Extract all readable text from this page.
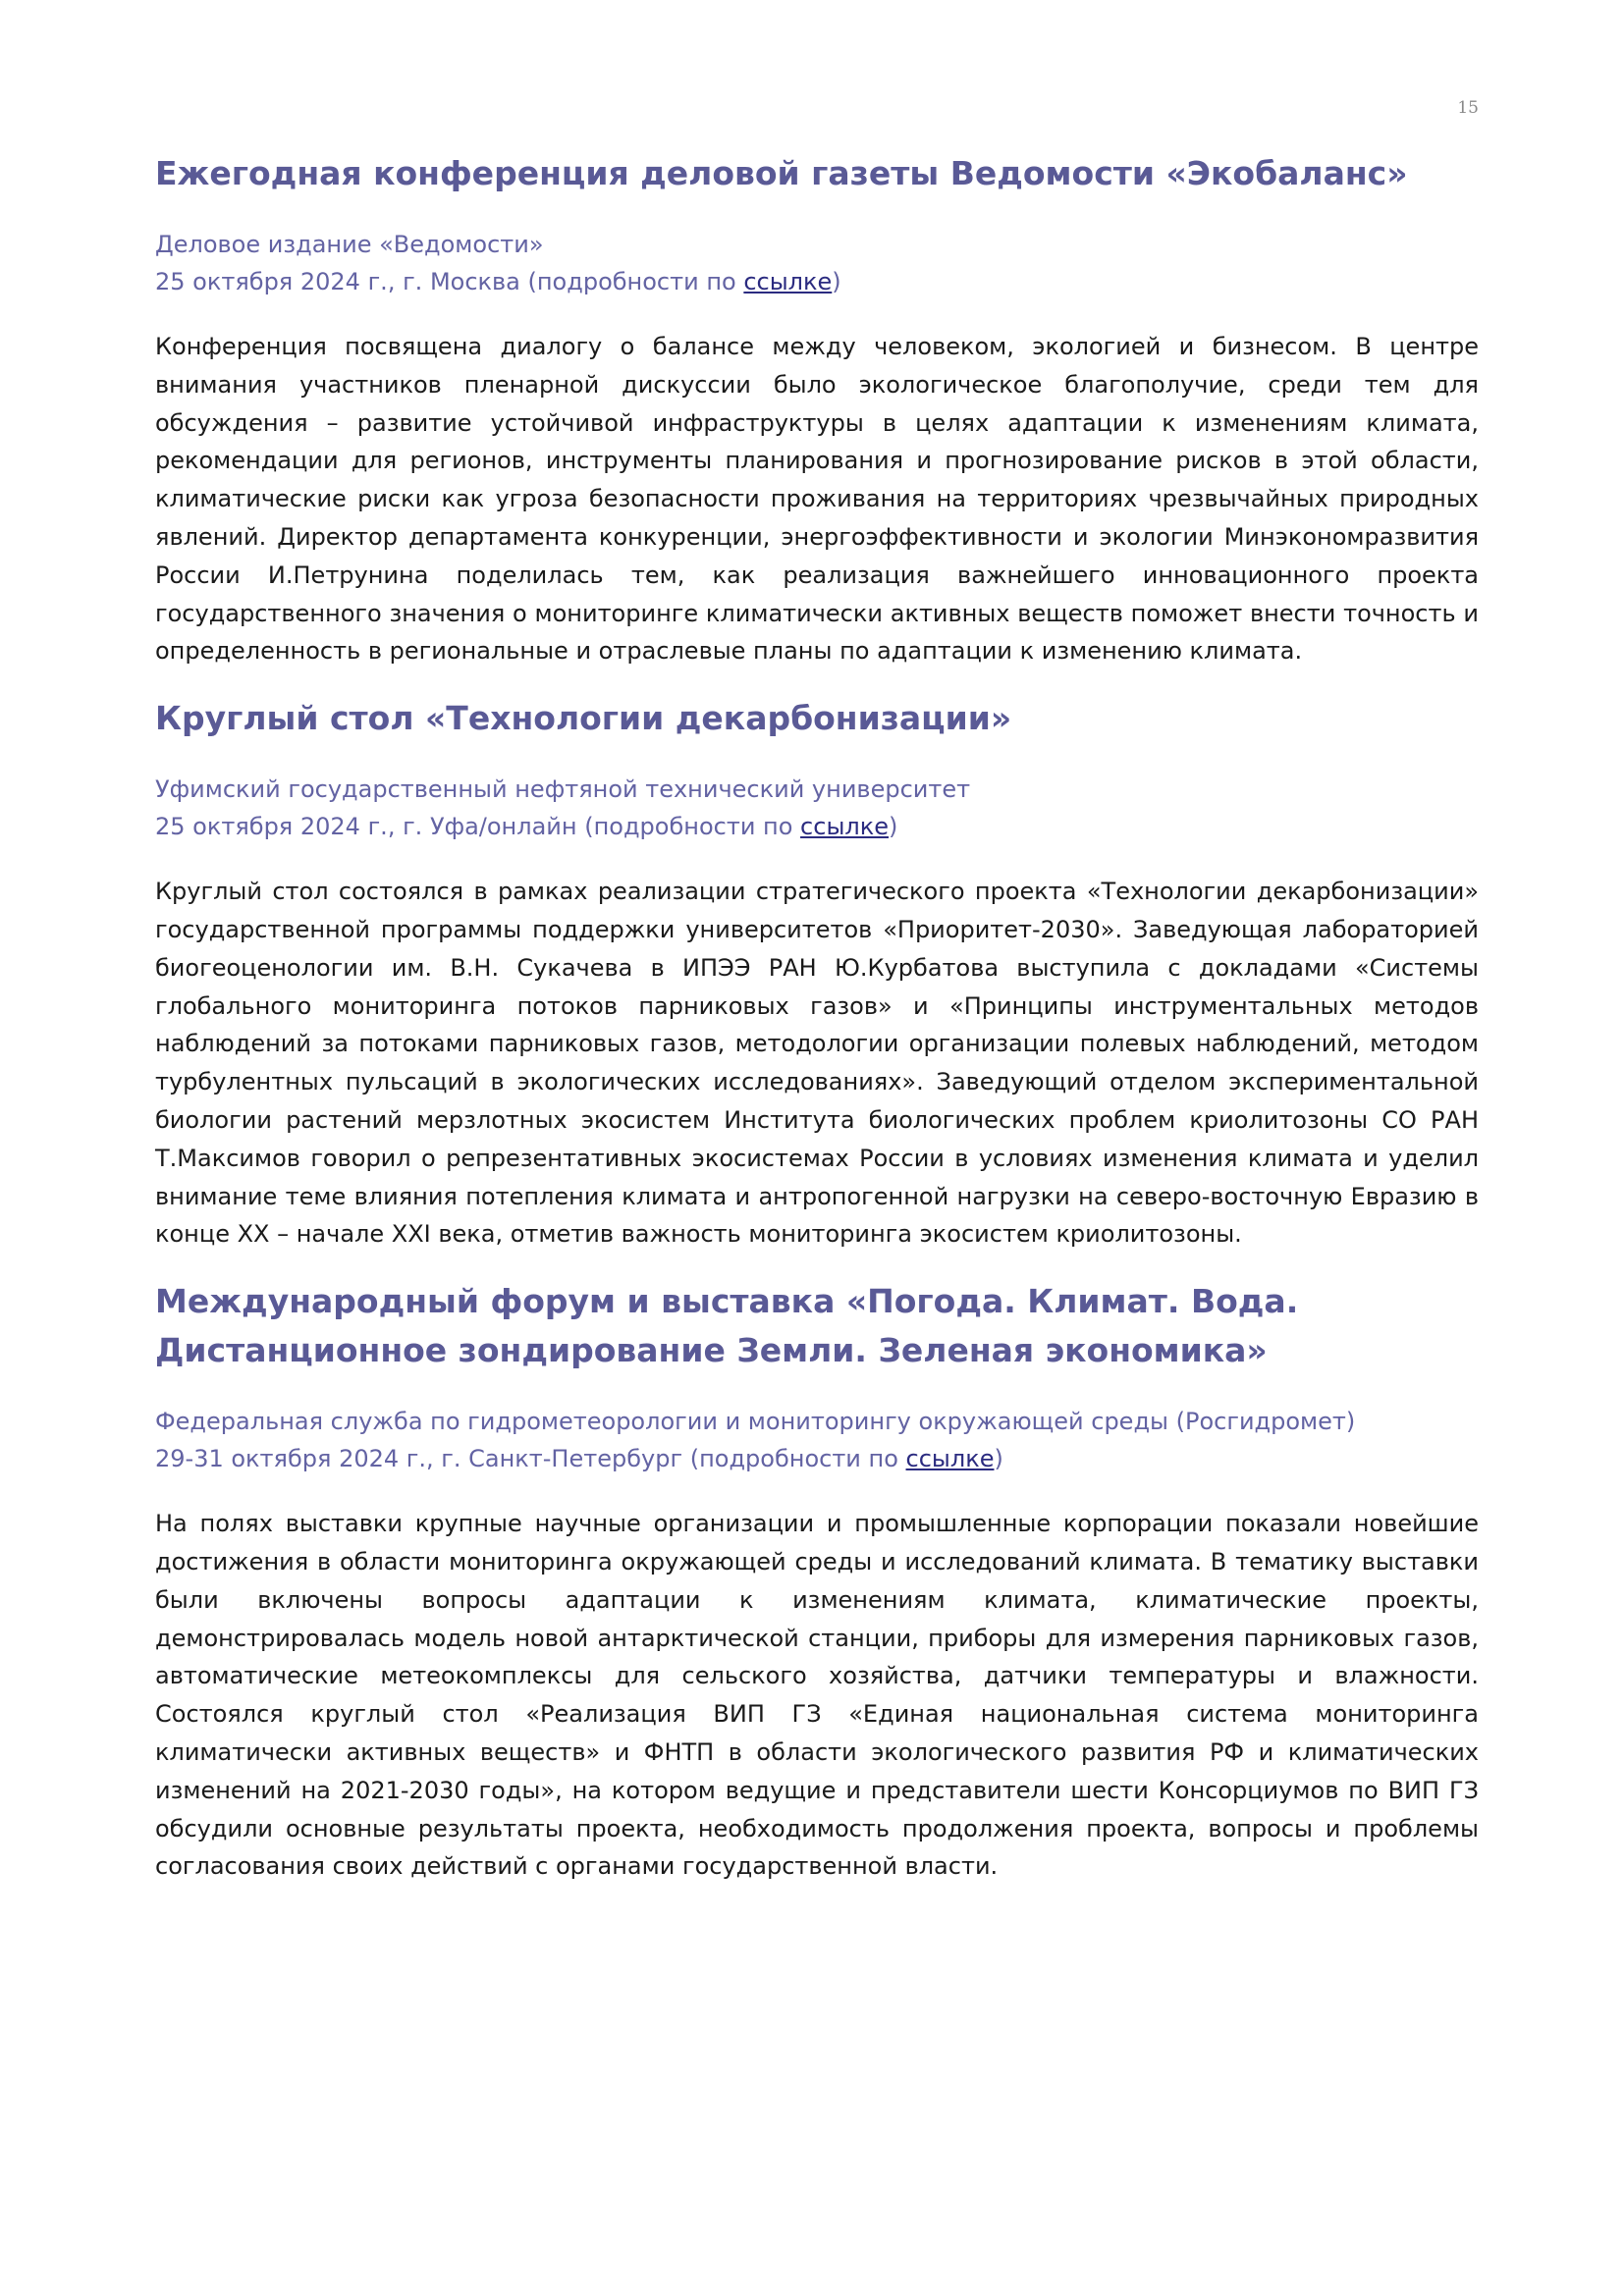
15
Ежегодная конференция деловой газеты Ведомости «Экобаланс»
Деловое издание «Ведомости»
25 октября 2024 г., г. Москва (подробности по ссылке)

Конференция посвящена диалогу о балансе между человеком, экологией и бизнесом. В центре внимания участников пленарной дискуссии было экологическое благополучие, среди тем для обсуждения – развитие устойчивой инфраструктуры в целях адаптации к изменениям климата, рекомендации для регионов, инструменты планирования и прогнозирование рисков в этой области, климатические риски как угроза безопасности проживания на территориях чрезвычайных природных явлений. Директор департамента конкуренции, энергоэффективности и экологии Минэкономразвития России И.Петрунина поделилась тем, как реализация важнейшего инновационного проекта государственного значения о мониторинге климатически активных веществ поможет внести точность и определенность в региональные и отраслевые планы по адаптации к изменению климата.

Круглый стол «Технологии декарбонизации»
Уфимский государственный нефтяной технический университет
25 октября 2024 г., г. Уфа/онлайн (подробности по ссылке)

Круглый стол состоялся в рамках реализации стратегического проекта «Технологии декарбонизации» государственной программы поддержки университетов «Приоритет-2030». Заведующая лабораторией биогеоценологии им. В.Н. Сукачева в ИПЭЭ РАН Ю.Курбатова выступила с докладами «Системы глобального мониторинга потоков парниковых газов» и «Принципы инструментальных методов наблюдений за потоками парниковых газов, методологии организации полевых наблюдений, методом турбулентных пульсаций в экологических исследованиях». Заведующий отделом экспериментальной биологии растений мерзлотных экосистем Института биологических проблем криолитозоны СО РАН Т.Максимов говорил о репрезентативных экосистемах России в условиях изменения климата и уделил внимание теме влияния потепления климата и антропогенной нагрузки на северо-восточную Евразию в конце XX – начале XXI века, отметив важность мониторинга экосистем криолитозоны.

Международный форум и выставка «Погода. Климат. Вода. Дистанционное зондирование Земли. Зеленая экономика»
Федеральная служба по гидрометеорологии и мониторингу окружающей среды (Росгидромет)
29-31 октября 2024 г., г. Санкт-Петербург (подробности по ссылке)

На полях выставки крупные научные организации и промышленные корпорации показали новейшие достижения в области мониторинга окружающей среды и исследований климата. В тематику выставки были включены вопросы адаптации к изменениям климата, климатические проекты, демонстрировалась модель новой антарктической станции, приборы для измерения парниковых газов, автоматические метеокомплексы для сельского хозяйства, датчики температуры и влажности. Состоялся круглый стол «Реализация ВИП ГЗ «Единая национальная система мониторинга климатически активных веществ» и ФНТП в области экологического развития РФ и климатических изменений на 2021-2030 годы», на котором ведущие и представители шести Консорциумов по ВИП ГЗ обсудили основные результаты проекта, необходимость продолжения проекта, вопросы и проблемы согласования своих действий с органами государственной власти.
